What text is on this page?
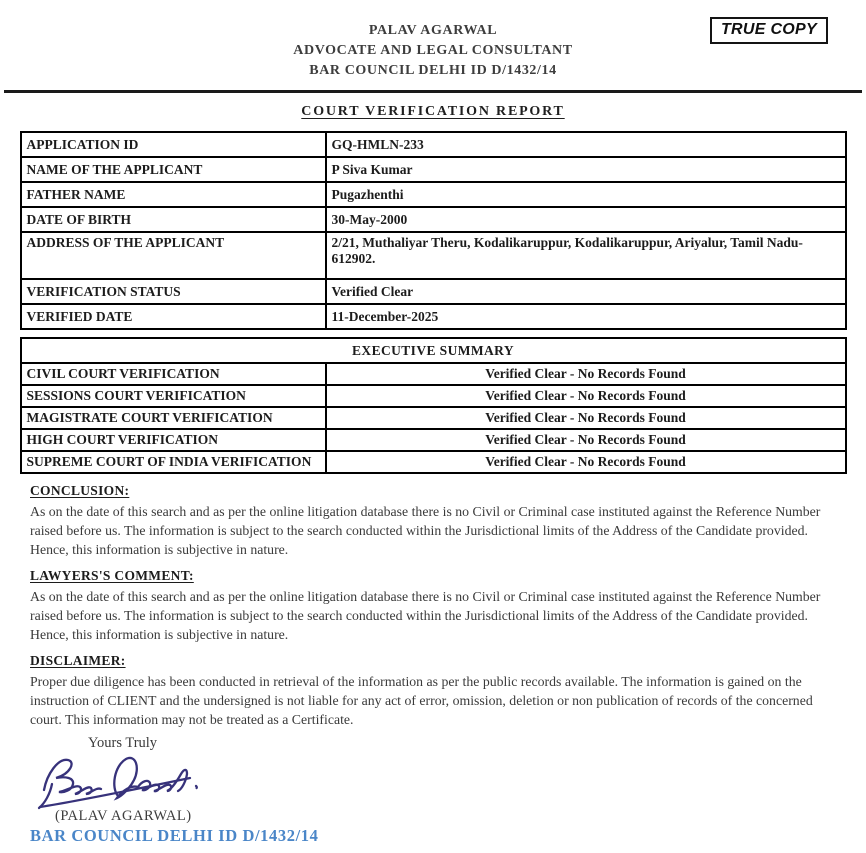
TRUE COPY
PALAV AGARWAL
ADVOCATE AND LEGAL CONSULTANT
BAR COUNCIL DELHI ID D/1432/14
COURT VERIFICATION REPORT
APPLICATION ID	GQ-HMLN-233
NAME OF THE APPLICANT	P Siva Kumar
FATHER NAME	Pugazhenthi
DATE OF BIRTH	30-May-2000
ADDRESS OF THE APPLICANT	2/21, Muthaliyar Theru, Kodalikaruppur, Kodalikaruppur, Ariyalur, Tamil Nadu-612902.
VERIFICATION STATUS	Verified Clear
VERIFIED DATE	11-December-2025
EXECUTIVE SUMMARY	
CIVIL COURT VERIFICATION	Verified Clear - No Records Found
SESSIONS COURT VERIFICATION	Verified Clear - No Records Found
MAGISTRATE COURT VERIFICATION	Verified Clear - No Records Found
HIGH COURT VERIFICATION	Verified Clear - No Records Found
SUPREME COURT OF INDIA VERIFICATION	Verified Clear - No Records Found
CONCLUSION:

As on the date of this search and as per the online litigation database there is no Civil or Criminal case instituted against the Reference Number raised before us. The information is subject to the search conducted within the Jurisdictional limits of the Address of the Candidate provided. Hence, this information is subjective in nature.

LAWYERS'S COMMENT:

As on the date of this search and as per the online litigation database there is no Civil or Criminal case instituted against the Reference Number raised before us. The information is subject to the search conducted within the Jurisdictional limits of the Address of the Candidate provided. Hence, this information is subjective in nature.

DISCLAIMER:

Proper due diligence has been conducted in retrieval of the information as per the public records available. The information is gained on the instruction of CLIENT and the undersigned is not liable for any act of error, omission, deletion or non publication of records of the concerned court. This information may not be treated as a Certificate.

Yours Truly
(PALAV AGARWAL)
BAR COUNCIL DELHI ID D/1432/14
